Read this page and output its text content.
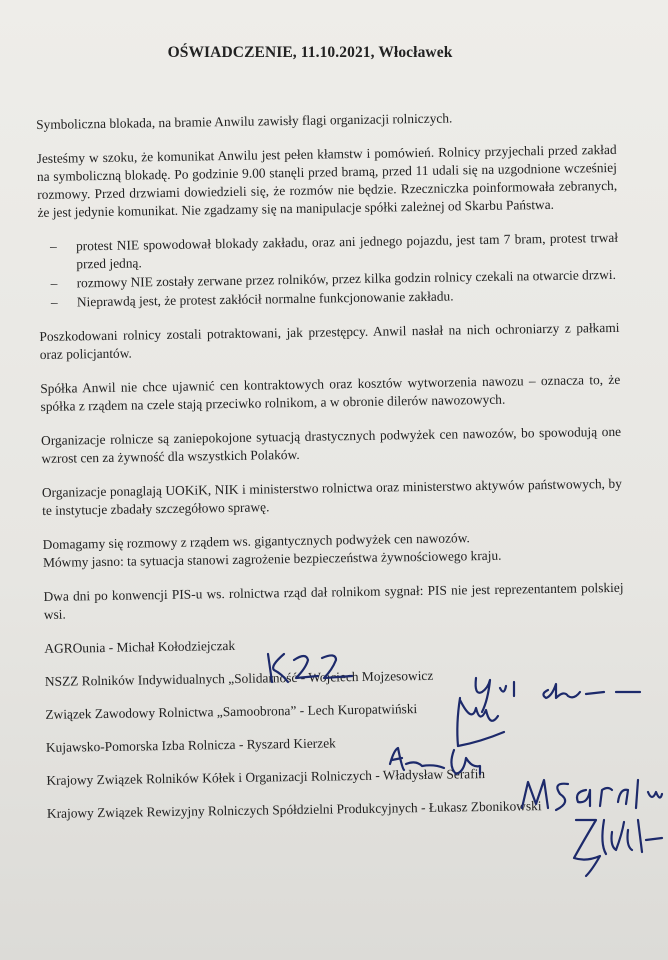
OŚWIADCZENIE, 11.10.2021, Włocławek

Symboliczna blokada, na bramie Anwilu zawisły flagi organizacji rolniczych.

Jesteśmy w szoku, że komunikat Anwilu jest pełen kłamstw i pomówień. Rolnicy przyjechali przed zakład na symboliczną blokadę. Po godzinie 9.00 stanęli przed bramą, przed 11 udali się na uzgodnione wcześniej rozmowy. Przed drzwiami dowiedzieli się, że rozmów nie będzie. Rzeczniczka poinformowała zebranych, że jest jedynie komunikat. Nie zgadzamy się na manipulacje spółki zależnej od Skarbu Państwa.

– protest NIE spowodował blokady zakładu, oraz ani jednego pojazdu, jest tam 7 bram, protest trwał przed jedną.
– rozmowy NIE zostały zerwane przez rolników, przez kilka godzin rolnicy czekali na otwarcie drzwi.
– Nieprawdą jest, że protest zakłócił normalne funkcjonowanie zakładu.

Poszkodowani rolnicy zostali potraktowani, jak przestępcy. Anwil nasłał na nich ochroniarzy z pałkami oraz policjantów.

Spółka Anwil nie chce ujawnić cen kontraktowych oraz kosztów wytworzenia nawozu – oznacza to, że spółka z rządem na czele stają przeciwko rolnikom, a w obronie dilerów nawozowych.

Organizacje rolnicze są zaniepokojone sytuacją drastycznych podwyżek cen nawozów, bo spowodują one wzrost cen za żywność dla wszystkich Polaków.

Organizacje ponaglają UOKiK, NIK i ministerstwo rolnictwa oraz ministerstwo aktywów państwowych, by te instytucje zbadały szczegółowo sprawę.

Domagamy się rozmowy z rządem ws. gigantycznych podwyżek cen nawozów.

Mówmy jasno: ta sytuacja stanowi zagrożenie bezpieczeństwa żywnościowego kraju.

Dwa dni po konwencji PIS-u ws. rolnictwa rząd dał rolnikom sygnał: PIS nie jest reprezentantem polskiej wsi.

AGROunia - Michał Kołodziejczak
NSZZ Rolników Indywidualnych „Solidarność - Wojciech Mojzesowicz
Związek Zawodowy Rolnictwa „Samoobrona” - Lech Kuropatwiński
Kujawsko-Pomorska Izba Rolnicza - Ryszard Kierzek
Krajowy Związek Rolników Kółek i Organizacji Rolniczych - Władysław Serafin
Krajowy Związek Rewizyjny Rolniczych Spółdzielni Produkcyjnych - Łukasz Zbonikowski
